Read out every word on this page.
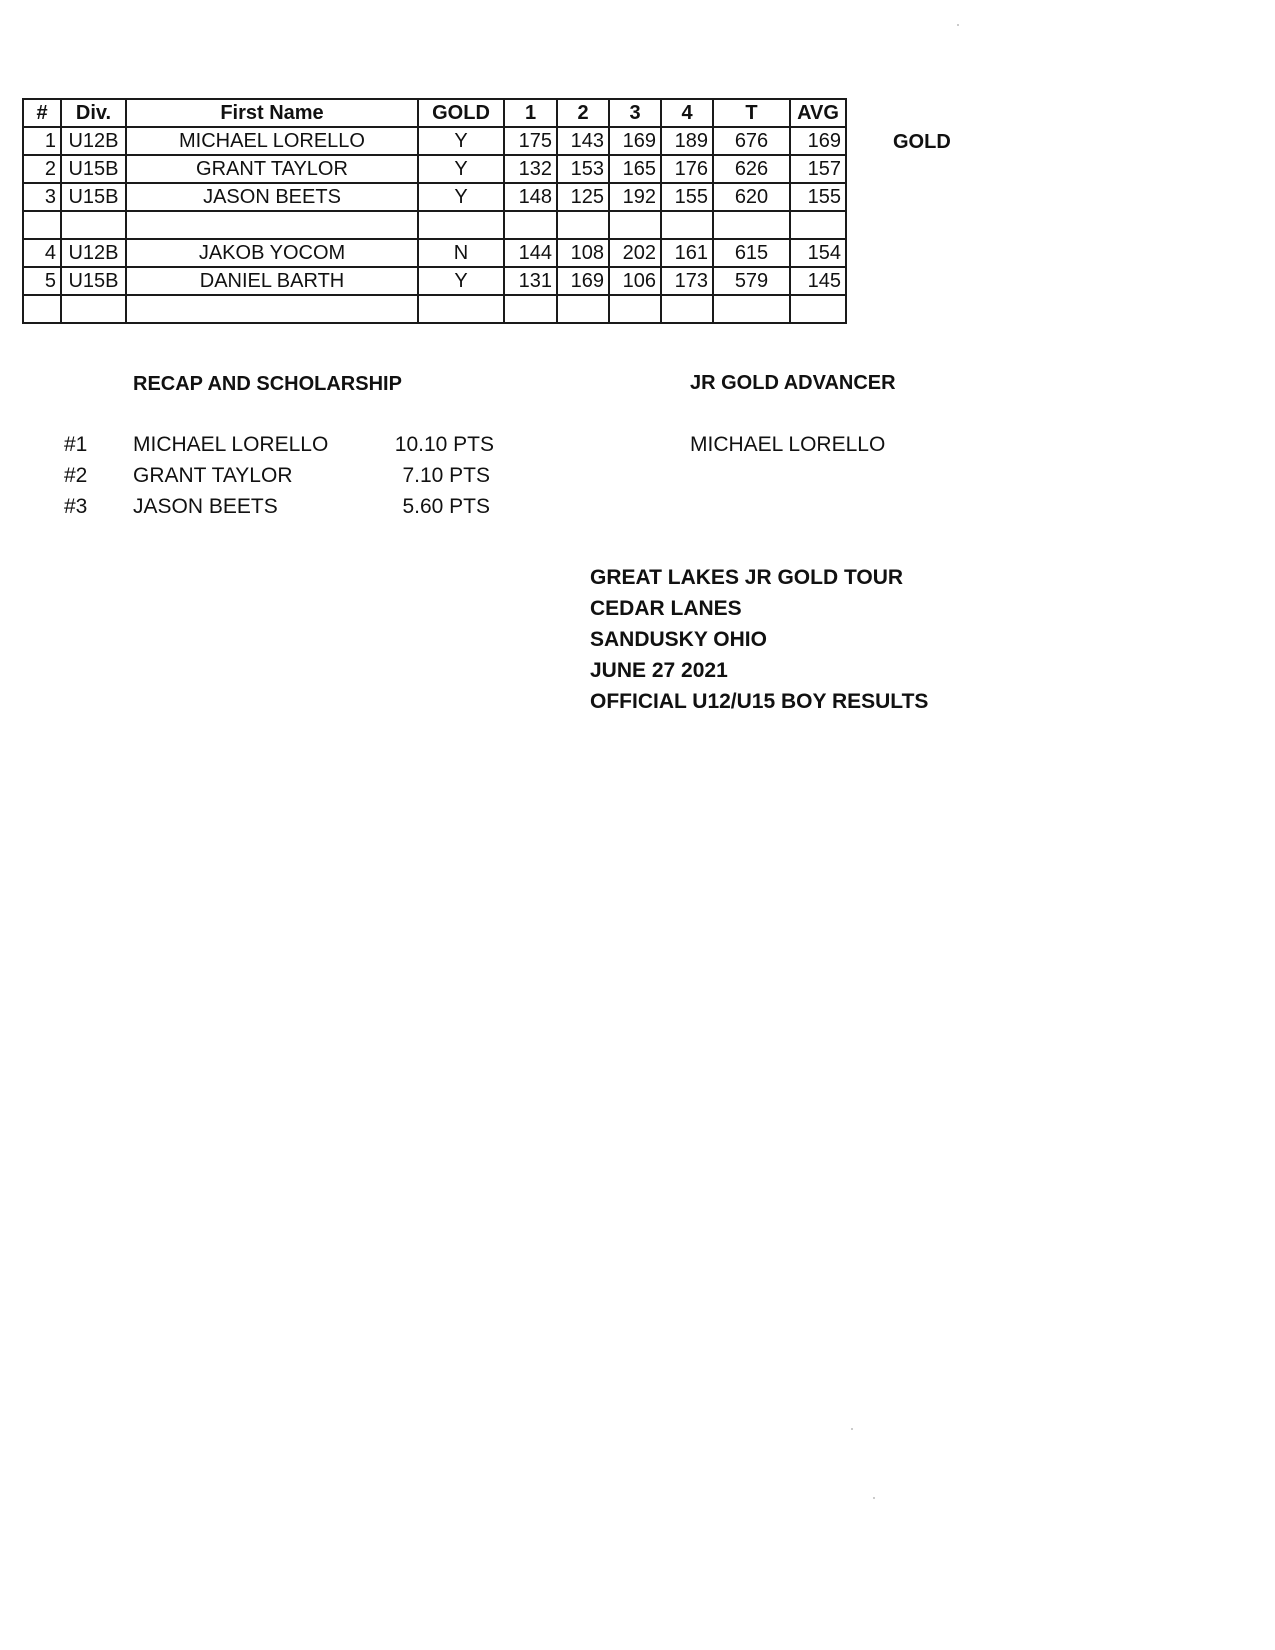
#	Div.	First Name	GOLD	1	2	3	4	T	AVG
1	U12B	MICHAEL LORELLO	Y	175	143	169	189	676	169
2	U15B	GRANT TAYLOR	Y	132	153	165	176	626	157
3	U15B	JASON BEETS	Y	148	125	192	155	620	155

4	U12B	JAKOB YOCOM	N	144	108	202	161	615	154
5	U15B	DANIEL BARTH	Y	131	169	106	173	579	145

GOLD
RECAP AND SCHOLARSHIP	JR GOLD ADVANCER
#1 MICHAEL LORELLO	10.10 PTS
#2 GRANT TAYLOR	7.10 PTS
#3 JASON BEETS	5.60 PTS
MICHAEL LORELLO
GREAT LAKES JR GOLD TOUR
CEDAR LANES
SANDUSKY OHIO
JUNE 27 2021
OFFICIAL U12/U15 BOY RESULTS
